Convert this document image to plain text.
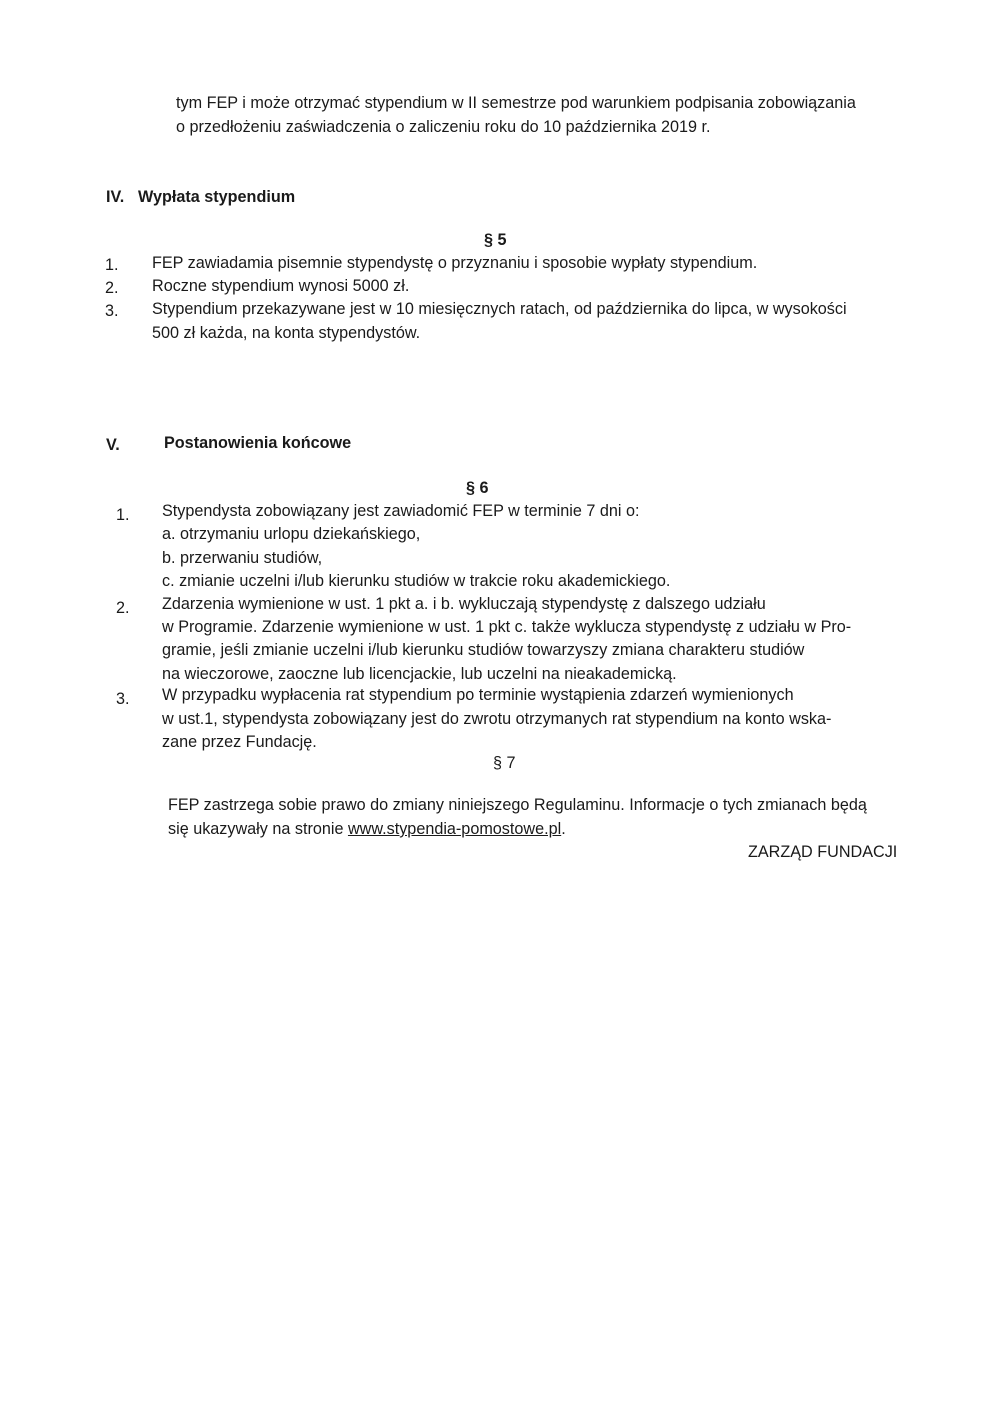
tym FEP i może otrzymać stypendium w II semestrze pod warunkiem podpisania zobowiązania
o przedłożeniu zaświadczenia o zaliczeniu roku do 10 października 2019 r.
IV. Wypłata stypendium
§ 5
1. FEP zawiadamia pisemnie stypendystę o przyznaniu i sposobie wypłaty stypendium.
2. Roczne stypendium wynosi 5000 zł.
3. Stypendium przekazywane jest w 10 miesięcznych ratach, od października do lipca, w wysokości
500 zł każda, na konta stypendystów.
V.	Postanowienia końcowe
§ 6
1. Stypendysta zobowiązany jest zawiadomić FEP w terminie 7 dni o:
a. otrzymaniu urlopu dziekańskiego,
b. przerwaniu studiów,
c. zmianie uczelni i/lub kierunku studiów w trakcie roku akademickiego.
2. Zdarzenia wymienione w ust. 1 pkt a. i b. wykluczają stypendystę z dalszego udziału
w Programie. Zdarzenie wymienione w ust. 1 pkt c. także wyklucza stypendystę z udziału w Pro-
gramie, jeśli zmianie uczelni i/lub kierunku studiów towarzyszy zmiana charakteru studiów
na wieczorowe, zaoczne lub licencjackie, lub uczelni na nieakademicką.
3. W przypadku wypłacenia rat stypendium po terminie wystąpienia zdarzeń wymienionych
w ust.1, stypendysta zobowiązany jest do zwrotu otrzymanych rat stypendium na konto wska-
zane przez Fundację.
§ 7
FEP zastrzega sobie prawo do zmiany niniejszego Regulaminu. Informacje o tych zmianach będą
się ukazywały na stronie www.stypendia-pomostowe.pl.
ZARZĄD FUNDACJI
